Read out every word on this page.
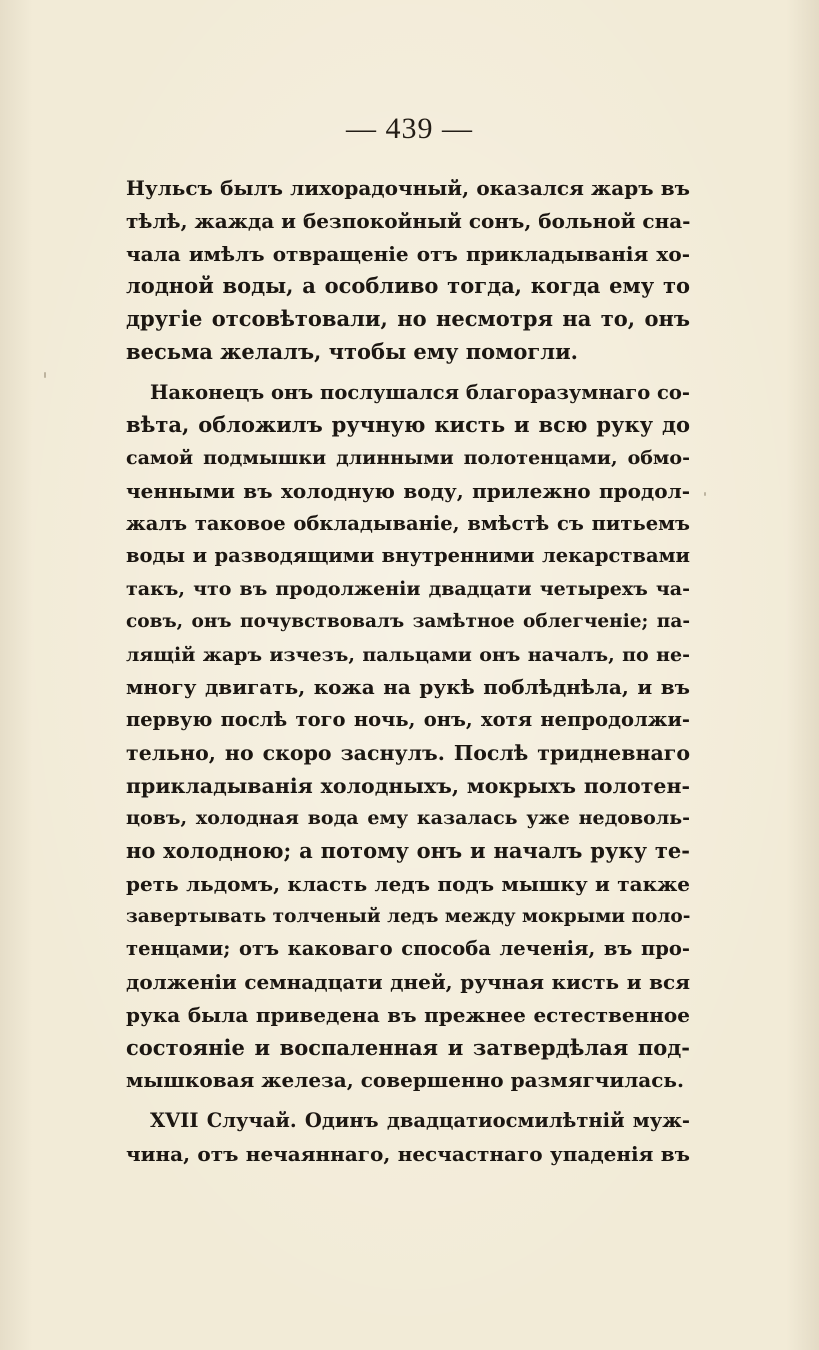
— 439 —
Нульсъ былъ лихорадочный, оказался жаръ въ
тѣлѣ, жажда и безпокойный сонъ, больной сна-
чала имѣлъ отвращенiе отъ прикладыванiя хо-
лодной воды, а особливо тогда, когда ему то
другiе отсовѣтовали, но несмотря на то, онъ
весьма желалъ, чтобы ему помогли.
Наконецъ онъ послушался благоразумнаго со-
вѣта, обложилъ ручную кисть и всю руку до
самой подмышки длинными полотенцами, обмо-
ченными въ холодную воду, прилежно продол-
жалъ таковое обкладыванiе, вмѣстѣ съ питьемъ
воды и разводящими внутренними лекарствами
такъ, что въ продолженiи двадцати четырехъ ча-
совъ, онъ почувствовалъ замѣтное облегченiе; па-
лящiй жаръ изчезъ, пальцами онъ началъ, по не-
многу двигать, кожа на рукѣ поблѣднѣла, и въ
первую послѣ того ночь, онъ, хотя непродолжи-
тельно, но скоро заснулъ. Послѣ тридневнаго
прикладыванiя холодныхъ, мокрыхъ полотен-
цовъ, холодная вода ему казалась уже недоволь-
но холодною; а потому онъ и началъ руку те-
реть льдомъ, класть ледъ подъ мышку и также
завертывать толченый ледъ между мокрыми поло-
тенцами; отъ каковаго способа леченiя, въ про-
долженiи семнадцати дней, ручная кисть и вся
рука была приведена въ прежнее естественное
состоянiе и воспаленная и затвердѣлая под-
мышковая железа, совершенно размягчилась.
XVII Случай. Одинъ двадцатиосмилѣтнiй муж-
чина, отъ нечаяннаго, несчастнаго упаденiя въ
